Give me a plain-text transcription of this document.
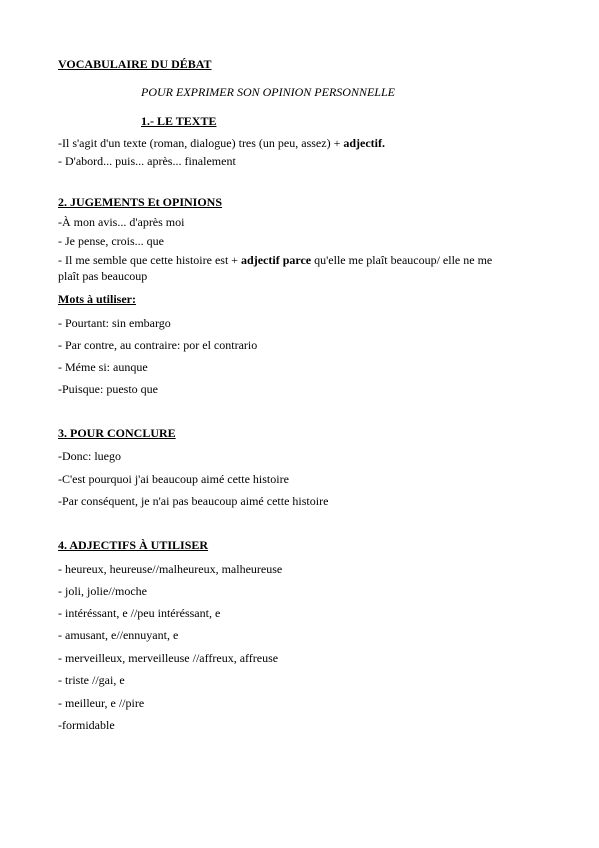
VOCABULAIRE DU DÉBAT
POUR EXPRIMER SON OPINION PERSONNELLE
1.- LE TEXTE
-Il s'agit d'un texte (roman, dialogue) tres (un peu, assez) + adjectif.
- D'abord... puis... après... finalement
2. JUGEMENTS Et OPINIONS
-À mon avis... d'après moi
- Je pense, crois... que
- Il me semble que cette histoire est + adjectif parce qu'elle me plaît beaucoup/ elle ne me
plaît pas beaucoup
Mots à utiliser:
- Pourtant: sin embargo
- Par contre, au contraire: por el contrario
- Méme si: aunque
-Puisque: puesto que
3. POUR CONCLURE
-Donc: luego
-C'est pourquoi j'ai beaucoup aimé cette histoire
-Par conséquent, je n'ai pas beaucoup aimé cette histoire
4. ADJECTIFS À UTILISER
- heureux, heureuse//malheureux, malheureuse
- joli, jolie//moche
- intéréssant, e //peu intéréssant, e
- amusant, e//ennuyant, e
- merveilleux, merveilleuse //affreux, affreuse
- triste //gai, e
- meilleur, e //pire
-formidable
